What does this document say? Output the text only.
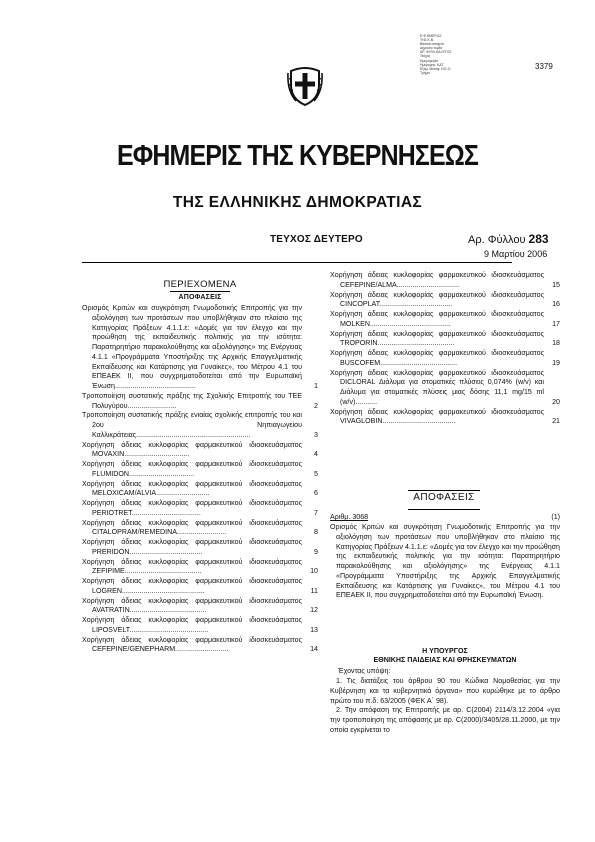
Ε.Φ.ΗΜΕΡ.ΑΣ
ΤΗΣ Κ.Β.
Βασικά στοιχεία
Δημόσιο τομέα
ΑΡ. ΦΥΛΛ.ΚΑΙ ΕΤΟΣ
Τεύχος
Ημερομηνία
Ημερομην. ΚΑΤ
Εξάμ. Μεταφ. Ν.Ε.Ο.
Τμήμα
3379
ΕΦΗΜΕΡΙΣ ΤΗΣ ΚΥΒΕΡΝΗΣΕΩΣ
ΤΗΣ ΕΛΛΗΝΙΚΗΣ ΔΗΜΟΚΡΑΤΙΑΣ
ΤΕΥΧΟΣ ΔΕΥΤΕΡΟ	Αρ. Φύλλου 283
9 Μαρτίου 2006
ΠΕΡΙΕΧΟΜΕΝΑ
ΑΠΟΦΑΣΕΙΣ

Ορισμός Κριτών και συγκρότηση Γνωμοδοτικής Επιτροπής για την αξιολόγηση των προτάσεων που υποβλήθηκαν στο πλαίσιο της Κατηγορίας Πράξεων 4.1.1.ε: «Δομές για τον έλεγχο και την προώθηση της εκπαιδευτικής πολιτικής για την ισότητα: Παρατηρητήριο παρακολούθησης και αξιολόγησης» της Ενέργειας 4.1.1 «Προγράμματα Υποστήριξης της Αρχικής Επαγγελματικής Εκπαίδευσης και Κατάρτισης για Γυναίκες», του Μέτρου 4.1 του ΕΠΕΑΕΚ ΙΙ, που συγχρηματοδοτείται από την Ευρωπαϊκή Ένωση.........................................	1

Τροποποίηση συστατικής πράξης της Σχολικής Επιτροπής του ΤΕΕ Πολυγύρου.........................	2

Τροποποίηση συστατικής πράξης ενιαίας σχολικής επιτροπής του και 2ου Νηπιαγωγείου Καλλικράτειας..........................................................	3

Χορήγηση άδειας κυκλοφορίας φαρμακευτικού ιδιοσκευάσματος MOVAXIN.................................	4

Χορήγηση άδειας κυκλοφορίας φαρμακευτικού ιδιοσκευάσματος FLUMIDON.................................	5

Χορήγηση άδειας κυκλοφορίας φαρμακευτικού ιδιοσκευάσματος MELOXICAM/ALVIA...........................	6

Χορήγηση άδειας κυκλοφορίας φαρμακευτικού ιδιοσκευάσματος PERIOTRET...................................	7

Χορήγηση άδειας κυκλοφορίας φαρμακευτικού ιδιοσκευάσματος CITALOPRAM/REMEDINA.........................	8

Χορήγηση άδειας κυκλοφορίας φαρμακευτικού ιδιοσκευάσματος PRERIDON.....................................	9

Χορήγηση άδειας κυκλοφορίας φαρμακευτικού ιδιοσκευάσματος ZEFIPIME.......................................	10

Χορήγηση άδειας κυκλοφορίας φαρμακευτικού ιδιοσκευάσματος LOGREN..........................................	11

Χορήγηση άδειας κυκλοφορίας φαρμακευτικού ιδιοσκευάσματος AVATRATIN.......................................	12

Χορήγηση άδειας κυκλοφορίας φαρμακευτικού ιδιοσκευάσματος LIPOSVELT........................................	13

Χορήγηση άδειας κυκλοφορίας φαρμακευτικού ιδιοσκευάσματος CEFEPINE/GENEPHARM...........................	14

Χορήγηση άδειας κυκλοφορίας φαρμακευτικού ιδιοσκευάσματος CEFEPINE/ALMA................................	15

Χορήγηση άδειας κυκλοφορίας φαρμακευτικού ιδιοσκευάσματος CINCOPLAT.....................................	16

Χορήγηση άδειας κυκλοφορίας φαρμακευτικού ιδιοσκευάσματος MOLKEN.........................................	17

Χορήγηση άδειας κυκλοφορίας φαρμακευτικού ιδιοσκευάσματος TROPORIN.......................................	18

Χορήγηση άδειας κυκλοφορίας φαρμακευτικού ιδιοσκευάσματος BUSCOFEM.......................................	19

Χορήγηση άδειας κυκλοφορίας φαρμακευτικού ιδιοσκευάσματος DICLORAL Διάλυμα για στοματικές πλύσεις 0,074% (w/v) και Διάλυμα για στοματικές πλύσεις μιας δόσης 11,1 mg/15 ml (w/v)...........	20

Χορήγηση άδειας κυκλοφορίας φαρμακευτικού ιδιοσκευάσματος VIVAGLOBIN.....................................	21

ΑΠΟΦΑΣΕΙΣ
Αριθμ. 3068	(1)

Ορισμός Κριτών και συγκρότηση Γνωμοδοτικής Επιτροπής για την αξιολόγηση των προτάσεων που υποβλήθηκαν στο πλαίσιο της Κατηγορίας Πράξεων 4.1.1.ε: «Δομές για τον έλεγχο και την προώθηση της εκπαιδευτικής πολιτικής για την ισότητα: Παρατηρητήριο παρακολούθησης και αξιολόγησης» της Ενέργειας 4.1.1 «Προγράμματα Υποστήριξης της Αρχικής Επαγγελματικής Εκπαίδευσης και Κατάρτισης για Γυναίκες», του Μέτρου 4.1 του ΕΠΕΑΕΚ ΙΙ, που συγχρηματοδοτείται από την Ευρωπαϊκή Ένωση.

Η ΥΠΟΥΡΓΟΣ
ΕΘΝΙΚΗΣ ΠΑΙΔΕΙΑΣ ΚΑΙ ΘΡΗΣΚΕΥΜΑΤΩΝ
Έχοντας υπόψη:

1. Τις διατάξεις του άρθρου 90 του Κώδικα Νομοθεσίας για την Κυβέρνηση και τα κυβερνητικά όργανα» που κυρώθηκε με το άρθρο πρώτο του π.δ. 63/2005 (ΦΕΚ Α΄ 98).

2. Την απόφαση της Επιτροπής με αρ. C(2004) 2114/3.12.2004 «για την τροποποίηση της απόφασης με αρ. C(2000)/3405/28.11.2000, με την οποία εγκρίνεται το
